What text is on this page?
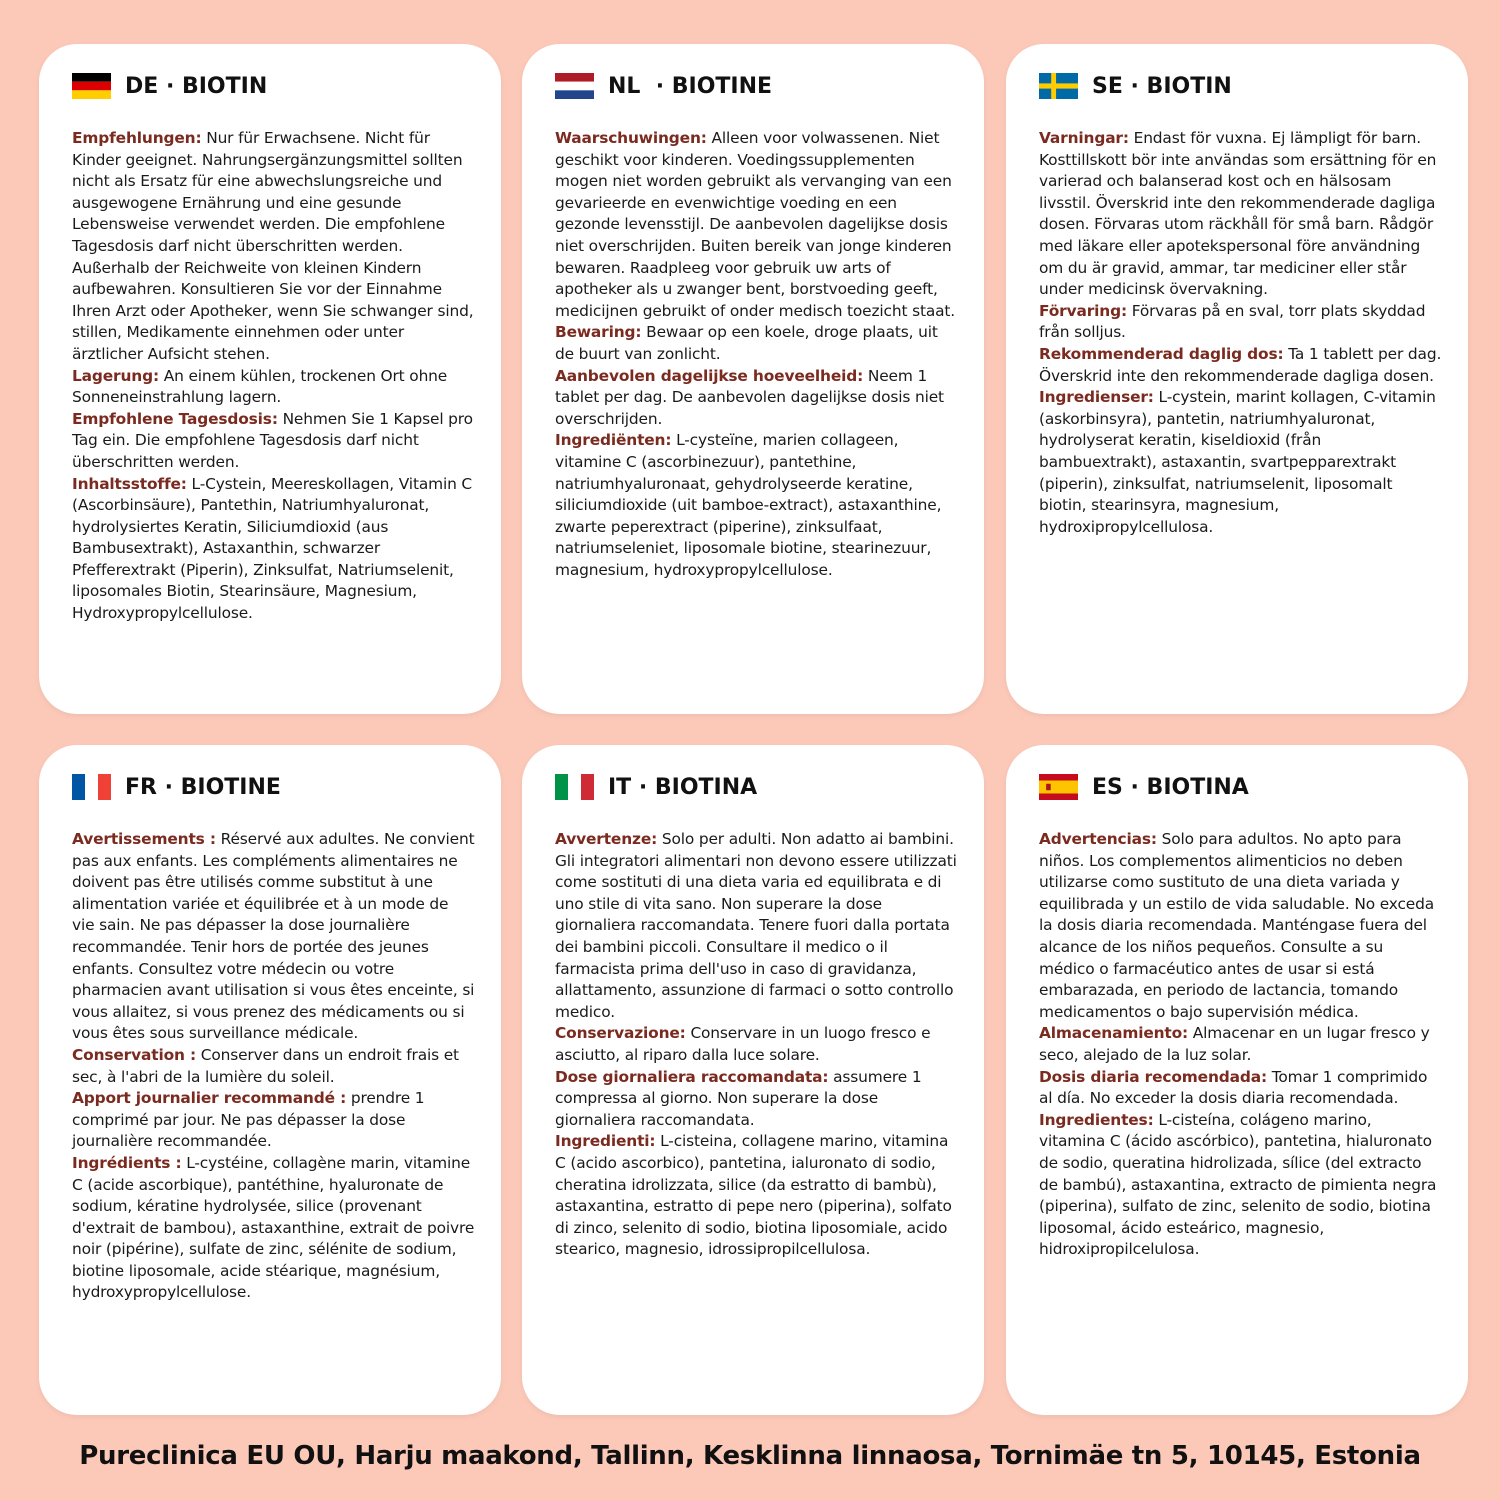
DE · BIOTIN
Empfehlungen: Nur für Erwachsene. Nicht für Kinder geeignet. Nahrungsergänzungsmittel sollten nicht als Ersatz für eine abwechslungsreiche und ausgewogene Ernährung und eine gesunde Lebensweise verwendet werden. Die empfohlene Tagesdosis darf nicht überschritten werden. Außerhalb der Reichweite von kleinen Kindern aufbewahren. Konsultieren Sie vor der Einnahme Ihren Arzt oder Apotheker, wenn Sie schwanger sind, stillen, Medikamente einnehmen oder unter ärztlicher Aufsicht stehen.
Lagerung: An einem kühlen, trockenen Ort ohne Sonneneinstrahlung lagern.
Empfohlene Tagesdosis: Nehmen Sie 1 Kapsel pro Tag ein. Die empfohlene Tagesdosis darf nicht überschritten werden.
Inhaltsstoffe: L-Cystein, Meereskollagen, Vitamin C (Ascorbinsäure), Pantethin, Natriumhyaluronat, hydrolysiertes Keratin, Siliciumdioxid (aus Bambusextrakt), Astaxanthin, schwarzer Pfefferextrakt (Piperin), Zinksulfat, Natriumselenit, liposomales Biotin, Stearinsäure, Magnesium, Hydroxypropylcellulose.
NL  · BIOTINE
Waarschuwingen: Alleen voor volwassenen. Niet geschikt voor kinderen. Voedingssupplementen mogen niet worden gebruikt als vervanging van een gevarieerde en evenwichtige voeding en een gezonde levensstijl. De aanbevolen dagelijkse dosis niet overschrijden. Buiten bereik van jonge kinderen bewaren. Raadpleeg voor gebruik uw arts of apotheker als u zwanger bent, borstvoeding geeft, medicijnen gebruikt of onder medisch toezicht staat.
Bewaring: Bewaar op een koele, droge plaats, uit de buurt van zonlicht.
Aanbevolen dagelijkse hoeveelheid: Neem 1 tablet per dag. De aanbevolen dagelijkse dosis niet overschrijden.
Ingrediënten: L-cysteïne, marien collageen, vitamine C (ascorbinezuur), pantethine, natriumhyaluronaat, gehydrolyseerde keratine, siliciumdioxide (uit bamboe-extract), astaxanthine, zwarte peperextract (piperine), zinksulfaat, natriumseleniet, liposomale biotine, stearinezuur, magnesium, hydroxypropylcellulose.
SE · BIOTIN
Varningar: Endast för vuxna. Ej lämpligt för barn. Kosttillskott bör inte användas som ersättning för en varierad och balanserad kost och en hälsosam livsstil. Överskrid inte den rekommenderade dagliga dosen. Förvaras utom räckhåll för små barn. Rådgör med läkare eller apotekspersonal före användning om du är gravid, ammar, tar mediciner eller står under medicinsk övervakning.
Förvaring: Förvaras på en sval, torr plats skyddad från solljus.
Rekommenderad daglig dos: Ta 1 tablett per dag. Överskrid inte den rekommenderade dagliga dosen.
Ingredienser: L-cystein, marint kollagen, C-vitamin (askorbinsyra), pantetin, natriumhyaluronat, hydrolyserat keratin, kiseldioxid (från bambuextrakt), astaxantin, svartpepparextrakt (piperin), zinksulfat, natriumselenit, liposomalt biotin, stearinsyra, magnesium, hydroxipropylcellulosa.
FR · BIOTINE
Avertissements : Réservé aux adultes. Ne convient pas aux enfants. Les compléments alimentaires ne doivent pas être utilisés comme substitut à une alimentation variée et équilibrée et à un mode de vie sain. Ne pas dépasser la dose journalière recommandée. Tenir hors de portée des jeunes enfants. Consultez votre médecin ou votre pharmacien avant utilisation si vous êtes enceinte, si vous allaitez, si vous prenez des médicaments ou si vous êtes sous surveillance médicale.
Conservation : Conserver dans un endroit frais et sec, à l'abri de la lumière du soleil.
Apport journalier recommandé : prendre 1 comprimé par jour. Ne pas dépasser la dose journalière recommandée.
Ingrédients : L-cystéine, collagène marin, vitamine C (acide ascorbique), pantéthine, hyaluronate de sodium, kératine hydrolysée, silice (provenant d'extrait de bambou), astaxanthine, extrait de poivre noir (pipérine), sulfate de zinc, sélénite de sodium, biotine liposomale, acide stéarique, magnésium, hydroxypropylcellulose.
IT · BIOTINA
Avvertenze: Solo per adulti. Non adatto ai bambini. Gli integratori alimentari non devono essere utilizzati come sostituti di una dieta varia ed equilibrata e di uno stile di vita sano. Non superare la dose giornaliera raccomandata. Tenere fuori dalla portata dei bambini piccoli. Consultare il medico o il farmacista prima dell'uso in caso di gravidanza, allattamento, assunzione di farmaci o sotto controllo medico.
Conservazione: Conservare in un luogo fresco e asciutto, al riparo dalla luce solare.
Dose giornaliera raccomandata: assumere 1 compressa al giorno. Non superare la dose giornaliera raccomandata.
Ingredienti: L-cisteina, collagene marino, vitamina C (acido ascorbico), pantetina, ialuronato di sodio, cheratina idrolizzata, silice (da estratto di bambù), astaxantina, estratto di pepe nero (piperina), solfato di zinco, selenito di sodio, biotina liposomiale, acido stearico, magnesio, idrossipropilcellulosa.
ES · BIOTINA
Advertencias: Solo para adultos. No apto para niños. Los complementos alimenticios no deben utilizarse como sustituto de una dieta variada y equilibrada y un estilo de vida saludable. No exceda la dosis diaria recomendada. Manténgase fuera del alcance de los niños pequeños. Consulte a su médico o farmacéutico antes de usar si está embarazada, en periodo de lactancia, tomando medicamentos o bajo supervisión médica.
Almacenamiento: Almacenar en un lugar fresco y seco, alejado de la luz solar.
Dosis diaria recomendada: Tomar 1 comprimido al día. No exceder la dosis diaria recomendada.
Ingredientes: L-cisteína, colágeno marino, vitamina C (ácido ascórbico), pantetina, hialuronato de sodio, queratina hidrolizada, sílice (del extracto de bambú), astaxantina, extracto de pimienta negra (piperina), sulfato de zinc, selenito de sodio, biotina liposomal, ácido esteárico, magnesio, hidroxipropilcelulosa.
Pureclinica EU OU, Harju maakond, Tallinn, Kesklinna linnaosa, Tornimäe tn 5, 10145, Estonia
